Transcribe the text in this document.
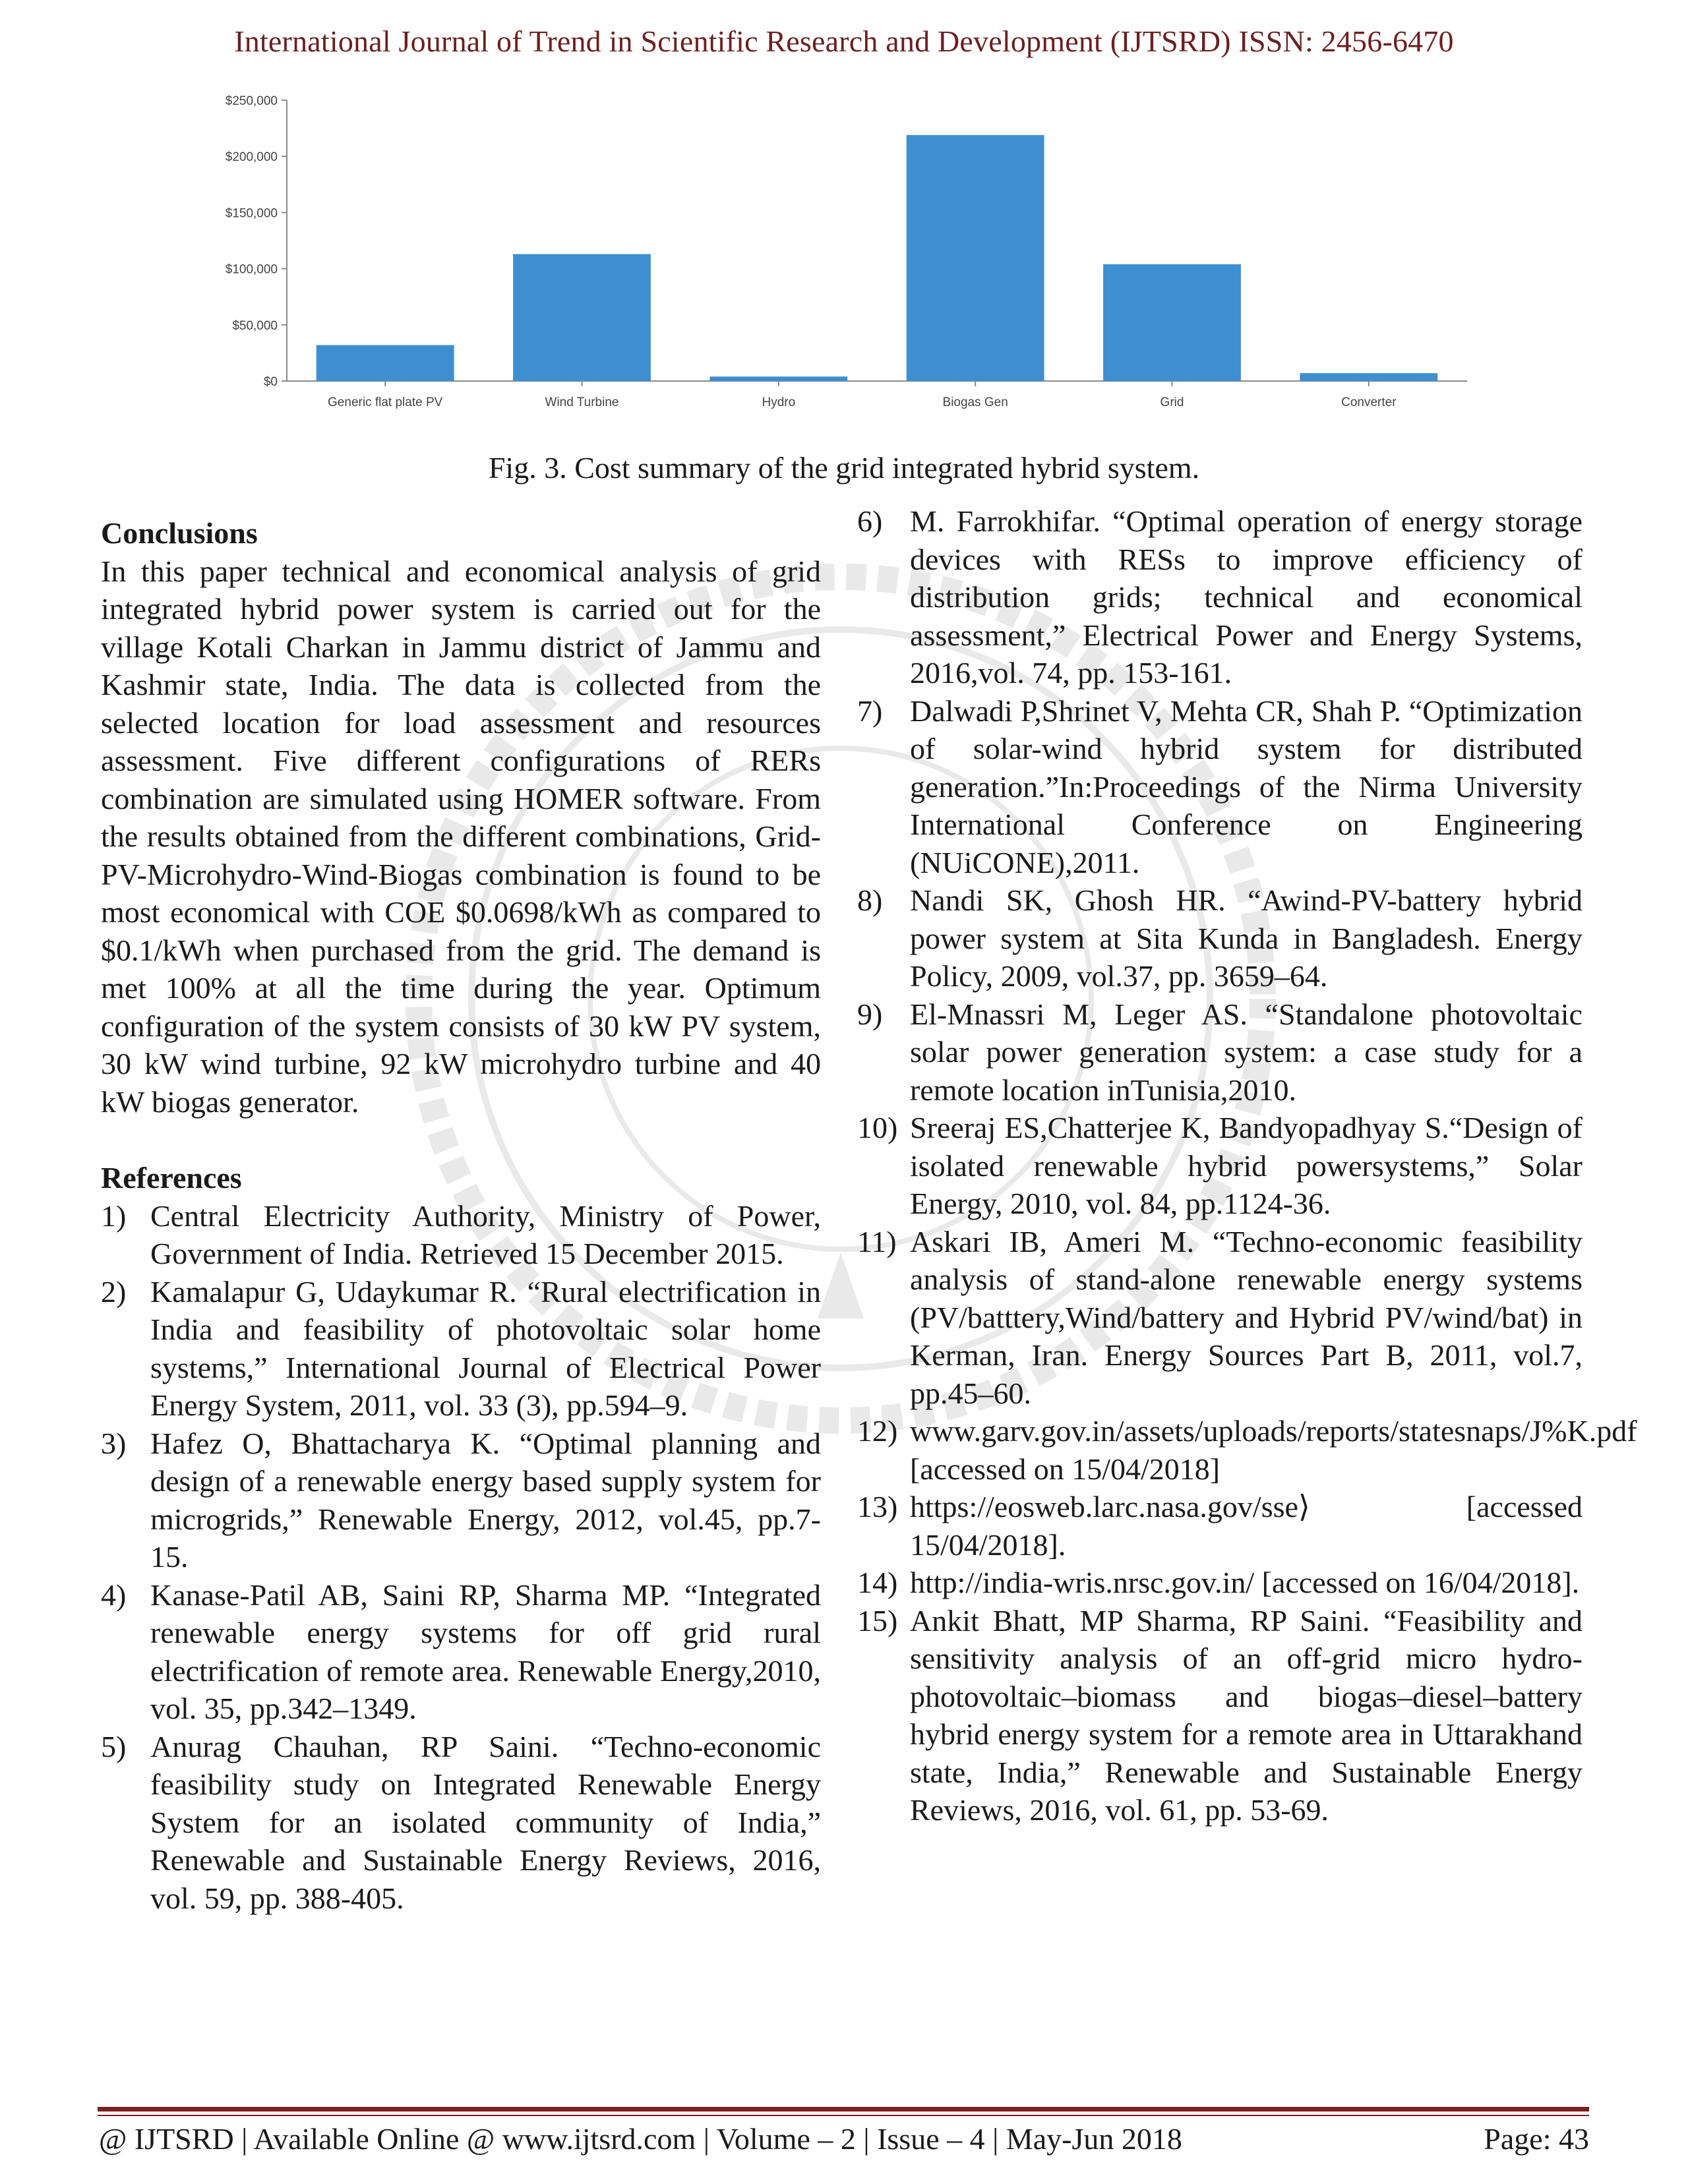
International Journal of Trend in Scientific Research and Development (IJTSRD) ISSN: 2456-6470
$0
$50,000
$100,000
$150,000
$200,000
$250,000
Generic flat plate PV	Wind Turbine	Hydro	Biogas Gen	Grid	Converter
Fig. 3. Cost summary of the grid integrated hybrid system.

Conclusions

In this paper technical and economical analysis of grid integrated hybrid power system is carried out for the village Kotali Charkan in Jammu district of Jammu and Kashmir state, India. The data is collected from the selected location for load assessment and resources assessment. Five different configurations of RERs combination are simulated using HOMER software. From the results obtained from the different combinations, Grid-PV-Microhydro-Wind-Biogas combination is found to be most economical with COE $0.0698/kWh as compared to $0.1/kWh when purchased from the grid. The demand is met 100% at all the time during the year. Optimum configuration of the system consists of 30 kW PV system, 30 kW wind turbine, 92 kW microhydro turbine and 40 kW biogas generator.

References

1) Central Electricity Authority, Ministry of Power, Government of India. Retrieved 15 December 2015.
2) Kamalapur G, Udaykumar R. “Rural electrification in India and feasibility of photovoltaic solar home systems,” International Journal of Electrical Power Energy System, 2011, vol. 33 (3), pp.594–9.
3) Hafez O, Bhattacharya K. “Optimal planning and design of a renewable energy based supply system for microgrids,” Renewable Energy, 2012, vol.45, pp.7-15.
4) Kanase-Patil AB, Saini RP, Sharma MP. “Integrated renewable energy systems for off grid rural electrification of remote area. Renewable Energy,2010, vol. 35, pp.342–1349.
5) Anurag Chauhan, RP Saini. “Techno-economic feasibility study on Integrated Renewable Energy System for an isolated community of India,” Renewable and Sustainable Energy Reviews, 2016, vol. 59, pp. 388-405.
6) M. Farrokhifar. “Optimal operation of energy storage devices with RESs to improve efficiency of distribution grids; technical and economical assessment,” Electrical Power and Energy Systems, 2016,vol. 74, pp. 153-161.
7) Dalwadi P,Shrinet V, Mehta CR, Shah P. “Optimization of solar-wind hybrid system for distributed generation.”In:Proceedings of the Nirma University International Conference on Engineering (NUiCONE),2011.
8) Nandi SK, Ghosh HR. “Awind-PV-battery hybrid power system at Sita Kunda in Bangladesh. Energy Policy, 2009, vol.37, pp. 3659–64.
9) El-Mnassri M, Leger AS. “Standalone photovoltaic solar power generation system: a case study for a remote location inTunisia,2010.
10) Sreeraj ES,Chatterjee K, Bandyopadhyay S.“Design of isolated renewable hybrid powersystems,” Solar Energy, 2010, vol. 84, pp.1124-36.
11) Askari IB, Ameri M. “Techno-economic feasibility analysis of stand-alone renewable energy systems (PV/batttery,Wind/battery and Hybrid PV/wind/bat) in Kerman, Iran. Energy Sources Part B, 2011, vol.7, pp.45–60.
12) www.garv.gov.in/assets/uploads/reports/statesnaps/J%K.pdf [accessed on 15/04/2018]
13) https://eosweb.larc.nasa.gov/sse⟩ [accessed 15/04/2018].
14) http://india-wris.nrsc.gov.in/ [accessed on 16/04/2018].
15) Ankit Bhatt, MP Sharma, RP Saini. “Feasibility and sensitivity analysis of an off-grid micro hydro-photovoltaic–biomass and biogas–diesel–battery hybrid energy system for a remote area in Uttarakhand state, India,” Renewable and Sustainable Energy Reviews, 2016, vol. 61, pp. 53-69.
@ IJTSRD | Available Online @ www.ijtsrd.com | Volume – 2 | Issue – 4 | May-Jun 2018	Page: 43
